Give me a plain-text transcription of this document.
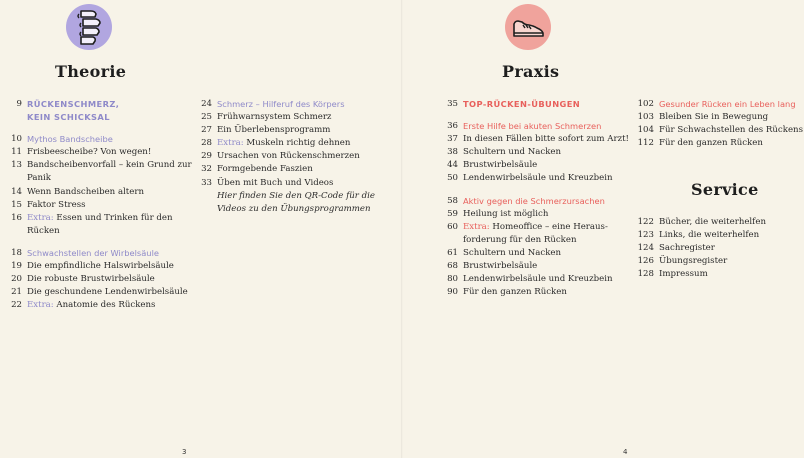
Theorie	Praxis
Service
9 RÜCKENSCHMERZ,
KEIN SCHICKSAL
10 Mythos Bandscheibe
11 Frisbeescheibe? Von wegen!
13 Bandscheibenvorfall – kein Grund zur
Panik
14 Wenn Bandscheiben altern
15 Faktor Stress
16 Extra: Essen und Trinken für den
Rücken
18 Schwachstellen der Wirbelsäule
19 Die empfindliche Halswirbelsäule
20 Die robuste Brustwirbelsäule
21 Die geschundene Lendenwirbelsäule
22 Extra: Anatomie des Rückens
24 Schmerz – Hilferuf des Körpers
25 Frühwarnsystem Schmerz
27 Ein Überlebensprogramm
28 Extra: Muskeln richtig dehnen
29 Ursachen von Rückenschmerzen
32 Formgebende Faszien
33 Üben mit Buch und Videos
Hier finden Sie den QR-Code für die
Videos zu den Übungsprogrammen
35 TOP-RÜCKEN-ÜBUNGEN
36 Erste Hilfe bei akuten Schmerzen
37 In diesen Fällen bitte sofort zum Arzt!
38 Schultern und Nacken
44 Brustwirbelsäule
50 Lendenwirbelsäule und Kreuzbein
58 Aktiv gegen die Schmerzursachen
59 Heilung ist möglich
60 Extra: Homeoffice – eine Heraus-
forderung für den Rücken
61 Schultern und Nacken
68 Brustwirbelsäule
80 Lendenwirbelsäule und Kreuzbein
90 Für den ganzen Rücken
102 Gesunder Rücken ein Leben lang
103 Bleiben Sie in Bewegung
104 Für Schwachstellen des Rückens
112 Für den ganzen Rücken
122 Bücher, die weiterhelfen
123 Links, die weiterhelfen
124 Sachregister
126 Übungsregister
128 Impressum
3	4
